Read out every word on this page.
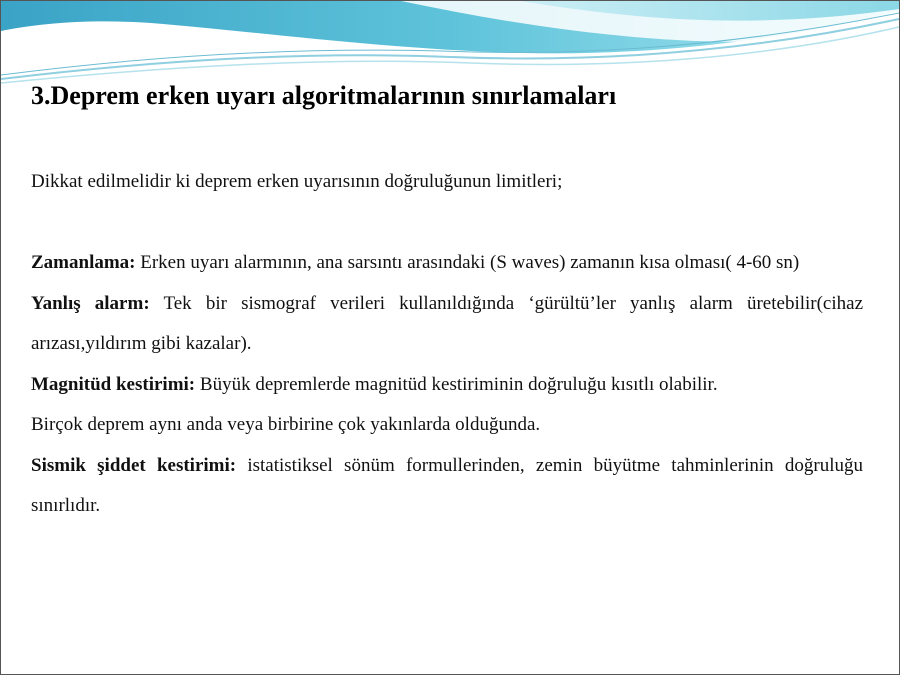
3.Deprem erken uyarı algoritmalarının sınırlamaları
Dikkat edilmelidir ki deprem erken uyarısının doğruluğunun limitleri;

Zamanlama: Erken uyarı alarmının, ana sarsıntı arasındaki (S waves) zamanın kısa olması( 4-60 sn)

Yanlış alarm: Tek bir sismograf verileri kullanıldığında ‘gürültü’ler yanlış alarm üretebilir(cihaz arızası,yıldırım gibi kazalar).

Magnitüd kestirimi: Büyük depremlerde magnitüd kestiriminin doğruluğu kısıtlı olabilir.

Birçok deprem aynı anda veya birbirine çok yakınlarda olduğunda.

Sismik şiddet kestirimi: istatistiksel sönüm formullerinden, zemin büyütme tahminlerinin doğruluğu sınırlıdır.
